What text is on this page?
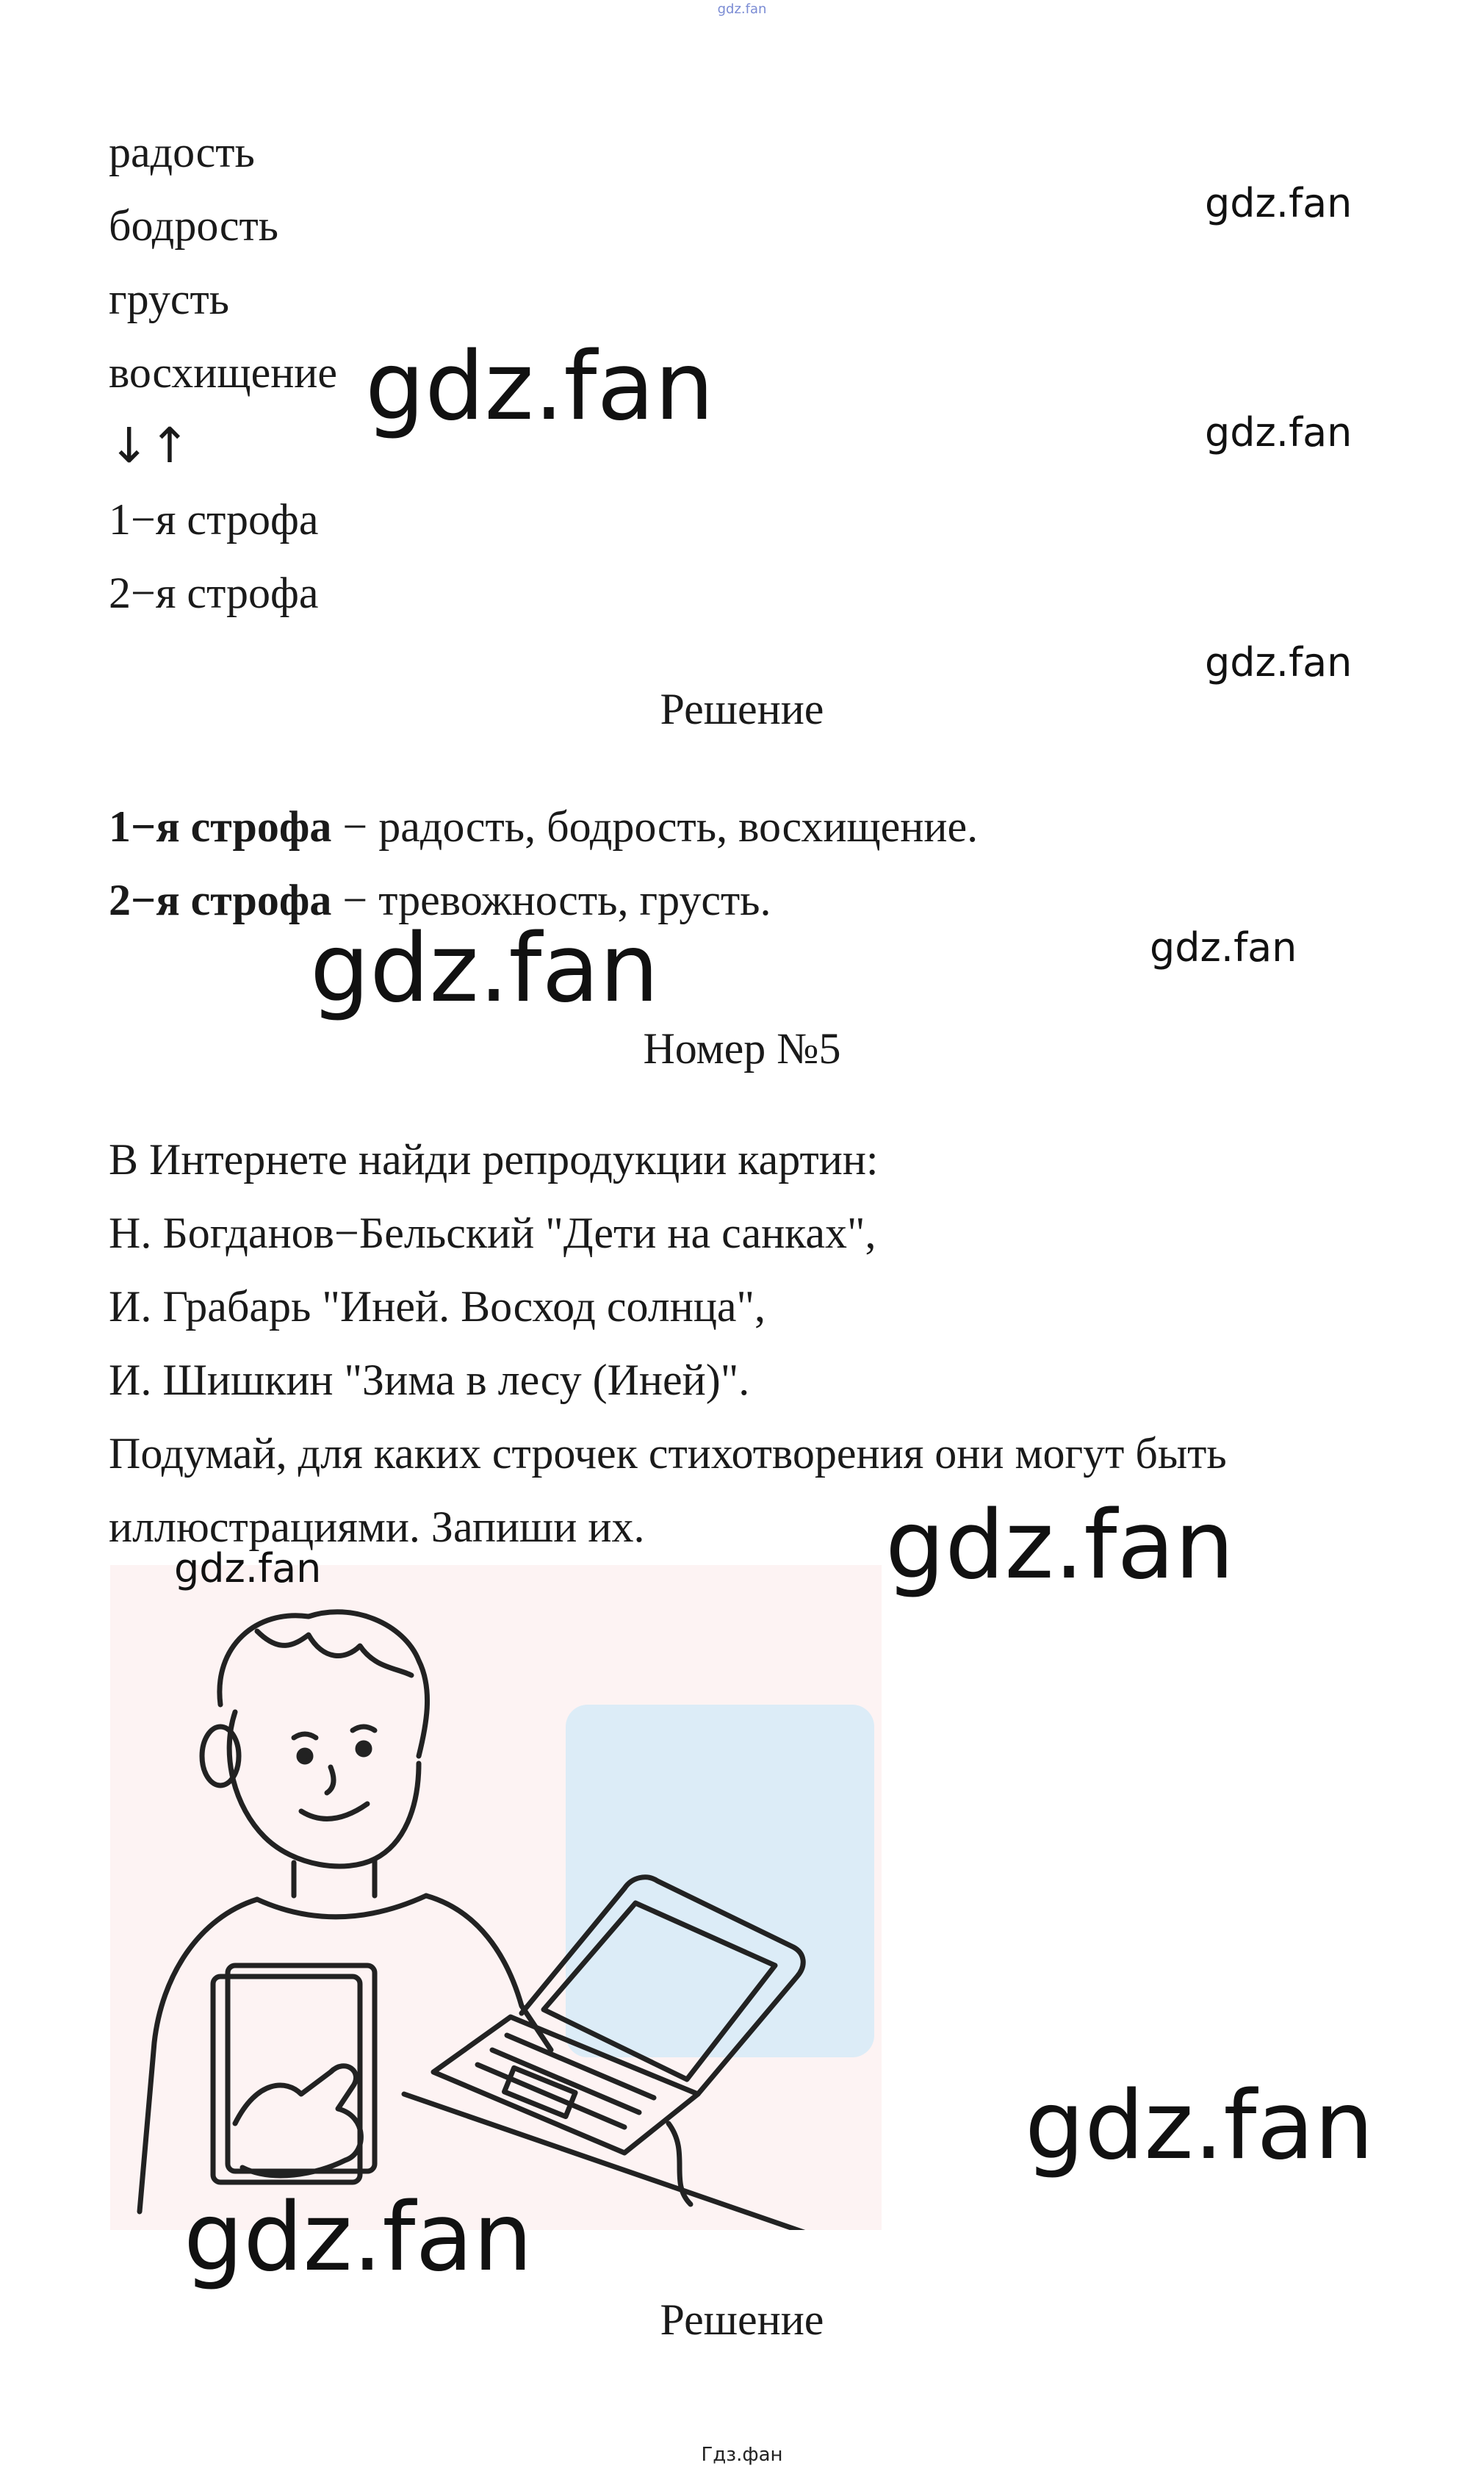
gdz.fan
радость
бодрость
грусть
восхищение
↓↑
1−я строфа
2−я строфа
Решение
1−я строфа − радость, бодрость, восхищение.
2−я строфа − тревожность, грусть.
Номер №5
В Интернете найди репродукции картин:
Н. Богданов−Бельский "Дети на санках",
И. Грабарь "Иней. Восход солнца",
И. Шишкин "Зима в лесу (Иней)".
Подумай, для каких строчек стихотворения они могут быть
иллюстрациями. Запиши их.
gdz.fan
gdz.fan	gdz.fan
gdz.fan
gdz.fan	gdz.fan
gdz.fan
gdz.fan
gdz.fan
gdz.fan
Решение
Гдз.фан
